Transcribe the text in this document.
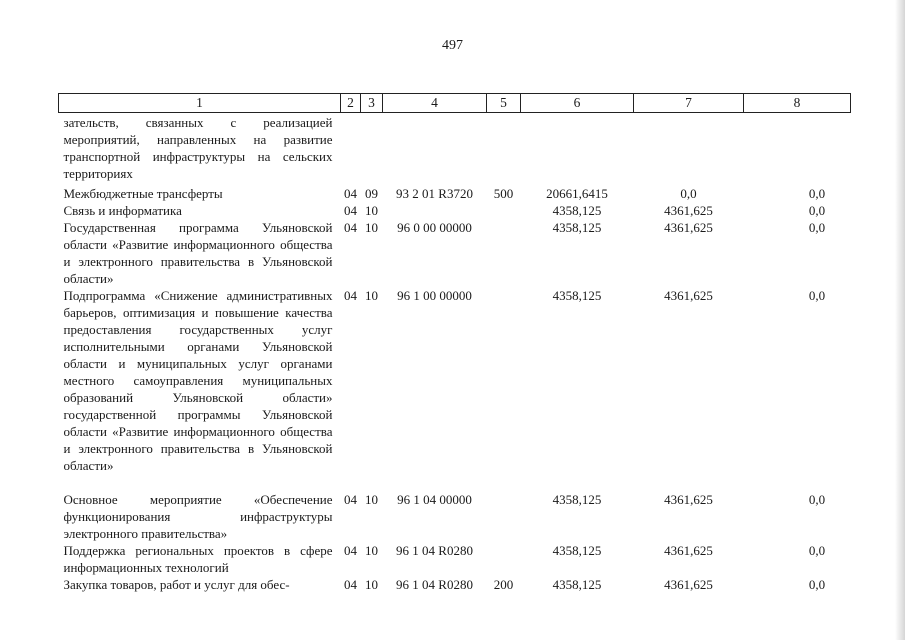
497
1	2	3	4	5	6	7	8
зательств, связанных с реализацией мероприятий, направленных на развитие транспортной инфраструктуры на сельских территориях							
Межбюджетные трансферты	04	09	93 2 01 R3720	500	20661,6415	0,0	0,0
Связь и информатика	04	10			4358,125	4361,625	0,0
Государственная программа Ульяновской области «Развитие информационного общества и электронного правительства в Ульяновской области»	04	10	96 0 00 00000		4358,125	4361,625	0,0
Подпрограмма «Снижение административных барьеров, оптимизация и повышение качества предоставления государственных услуг исполнительными органами Ульяновской области и муниципальных услуг органами местного самоуправления муниципальных образований Ульяновской области» государственной программы Ульяновской области «Развитие информационного общества и электронного правительства в Ульяновской области»	04	10	96 1 00 00000		4358,125	4361,625	0,0
Основное мероприятие «Обеспечение функционирования инфраструктуры электронного правительства»	04	10	96 1 04 00000		4358,125	4361,625	0,0
Поддержка региональных проектов в сфере информационных технологий	04	10	96 1 04 R0280		4358,125	4361,625	0,0
Закупка товаров, работ и услуг для обес-	04	10	96 1 04 R0280	200	4358,125	4361,625	0,0
